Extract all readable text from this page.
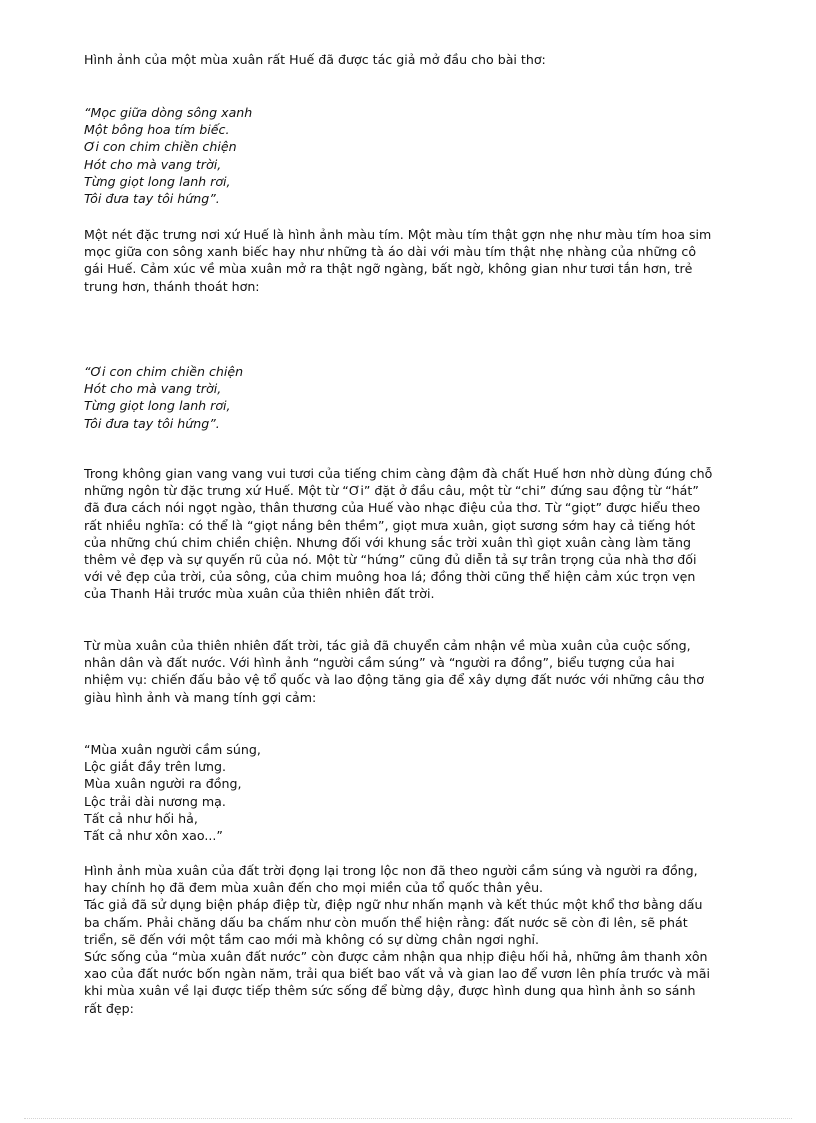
Hình ảnh của một mùa xuân rất Huế đã được tác giả mở đầu cho bài thơ:

“Mọc giữa dòng sông xanh
Một bông hoa tím biếc.
Ơi con chim chiền chiện
Hót cho mà vang trời,
Từng giọt long lanh rơi,
Tôi đưa tay tôi hứng”.

Một nét đặc trưng nơi xứ Huế là hình ảnh màu tím. Một màu tím thật gợn nhẹ như màu tím hoa sim
mọc giữa con sông xanh biếc hay như những tà áo dài với màu tím thật nhẹ nhàng của những cô
gái Huế. Cảm xúc về mùa xuân mở ra thật ngỡ ngàng, bất ngờ, không gian như tươi tắn hơn, trẻ
trung hơn, thánh thoát hơn:

“Ơi con chim chiền chiện
Hót cho mà vang trời,
Từng giọt long lanh rơi,
Tôi đưa tay tôi hứng”.

Trong không gian vang vang vui tươi của tiếng chim càng đậm đà chất Huế hơn nhờ dùng đúng chỗ
những ngôn từ đặc trưng xứ Huế. Một từ “Ơi” đặt ở đầu câu, một từ “chi” đứng sau động từ “hát”
đã đưa cách nói ngọt ngào, thân thương của Huế vào nhạc điệu của thơ. Từ “giọt” được hiểu theo
rất nhiều nghĩa: có thể là “giọt nắng bên thềm”, giọt mưa xuân, giọt sương sớm hay cả tiếng hót
của những chú chim chiền chiện. Nhưng đối với khung sắc trời xuân thì giọt xuân càng làm tăng
thêm vẻ đẹp và sự quyến rũ của nó. Một từ “hứng” cũng đủ diễn tả sự trân trọng của nhà thơ đối
với vẻ đẹp của trời, của sông, của chim muông hoa lá; đồng thời cũng thể hiện cảm xúc trọn vẹn
của Thanh Hải trước mùa xuân của thiên nhiên đất trời.

Từ mùa xuân của thiên nhiên đất trời, tác giả đã chuyển cảm nhận về mùa xuân của cuộc sống,
nhân dân và đất nước. Với hình ảnh “người cầm súng” và “người ra đồng”, biểu tượng của hai
nhiệm vụ: chiến đấu bảo vệ tổ quốc và lao động tăng gia để xây dựng đất nước với những câu thơ
giàu hình ảnh và mang tính gợi cảm:

“Mùa xuân người cầm súng,
Lộc giắt đầy trên lưng.
Mùa xuân người ra đồng,
Lộc trải dài nương mạ.
Tất cả như hối hả,
Tất cả như xôn xao...”

Hình ảnh mùa xuân của đất trời đọng lại trong lộc non đã theo người cầm súng và người ra đồng,
hay chính họ đã đem mùa xuân đến cho mọi miền của tổ quốc thân yêu.
Tác giả đã sử dụng biện pháp điệp từ, điệp ngữ như nhấn mạnh và kết thúc một khổ thơ bằng dấu
ba chấm. Phải chăng dấu ba chấm như còn muốn thể hiện rằng: đất nước sẽ còn đi lên, sẽ phát
triển, sẽ đến với một tầm cao mới mà không có sự dừng chân ngơi nghỉ.
Sức sống của “mùa xuân đất nước” còn được cảm nhận qua nhịp điệu hối hả, những âm thanh xôn
xao của đất nước bốn ngàn năm, trải qua biết bao vất vả và gian lao để vươn lên phía trước và mãi
khi mùa xuân về lại được tiếp thêm sức sống để bừng dậy, được hình dung qua hình ảnh so sánh
rất đẹp:
